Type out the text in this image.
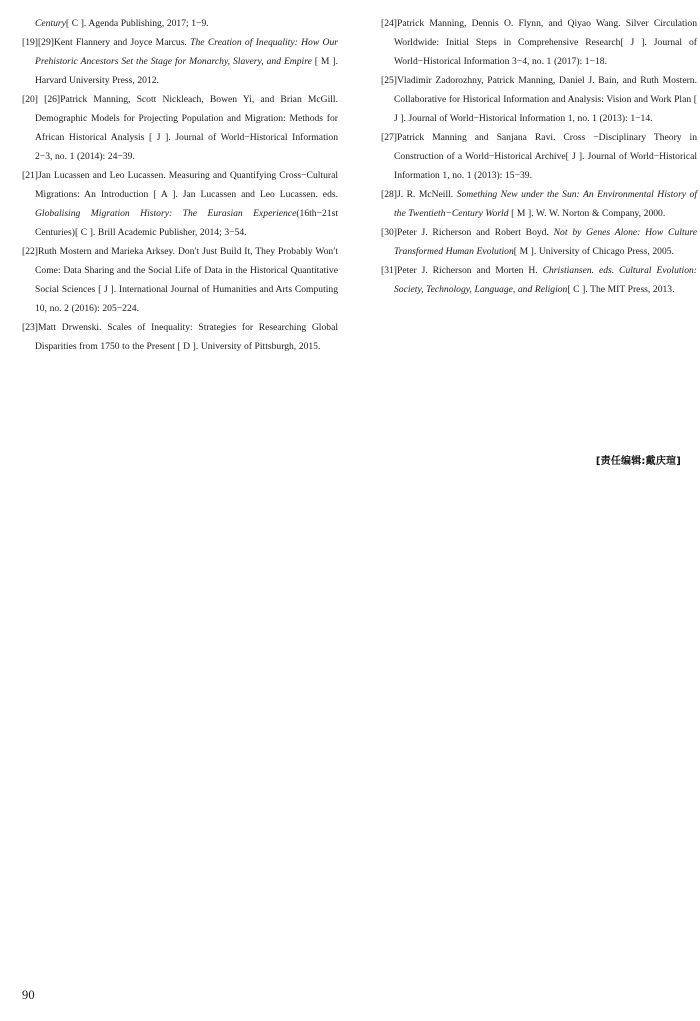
Century[ C ]. Agenda Publishing, 2017; 1−9.

[19][29]Kent Flannery and Joyce Marcus. The Creation of Inequality: How Our Prehistoric Ancestors Set the Stage for Monarchy, Slavery, and Empire [ M ]. Harvard University Press, 2012.

[20] [26]Patrick Manning, Scott Nickleach, Bowen Yi, and Brian McGill. Demographic Models for Projecting Population and Migration: Methods for African Historical Analysis [ J ]. Journal of World−Historical Information 2−3, no. 1 (2014): 24−39.

[21]Jan Lucassen and Leo Lucassen. Measuring and Quantifying Cross−Cultural Migrations: An Introduction [ A ]. Jan Lucassen and Leo Lucassen. eds. Globalising Migration History: The Eurasian Experience(16th−21st Centuries)[ C ]. Brill Academic Publisher, 2014; 3−54.

[22]Ruth Mostern and Marieka Arksey. Don′t Just Build It, They Probably Won′t Come: Data Sharing and the Social Life of Data in the Historical Quantitative Social Sciences [ J ]. International Journal of Humanities and Arts Computing 10, no. 2 (2016): 205−224.

[23]Matt Drwenski. Scales of Inequality: Strategies for Researching Global Disparities from 1750 to the Present [ D ]. University of Pittsburgh, 2015.

[24]Patrick Manning, Dennis O. Flynn, and Qiyao Wang. Silver Circulation Worldwide: Initial Steps in Comprehensive Research[ J ]. Journal of World−Historical Information 3−4, no. 1 (2017): 1−18.

[25]Vladimir Zadorozhny, Patrick Manning, Daniel J. Bain, and Ruth Mostern. Collaborative for Historical Information and Analysis: Vision and Work Plan [ J ]. Journal of World−Historical Information 1, no. 1 (2013): 1−14.

[27]Patrick Manning and Sanjana Ravi. Cross −Disciplinary Theory in Construction of a World−Historical Archive[ J ]. Journal of World−Historical Information 1, no. 1 (2013): 15−39.

[28]J. R. McNeill. Something New under the Sun: An Environmental History of the Twentieth−Century World [ M ]. W. W. Norton & Company, 2000.

[30]Peter J. Richerson and Robert Boyd. Not by Genes Alone: How Culture Transformed Human Evolution[ M ]. University of Chicago Press, 2005.

[31]Peter J. Richerson and Morten H. Christiansen. eds. Cultural Evolution: Society, Technology, Language, and Religion[ C ]. The MIT Press, 2013.

[责任编辑:戴庆瑄]
90
